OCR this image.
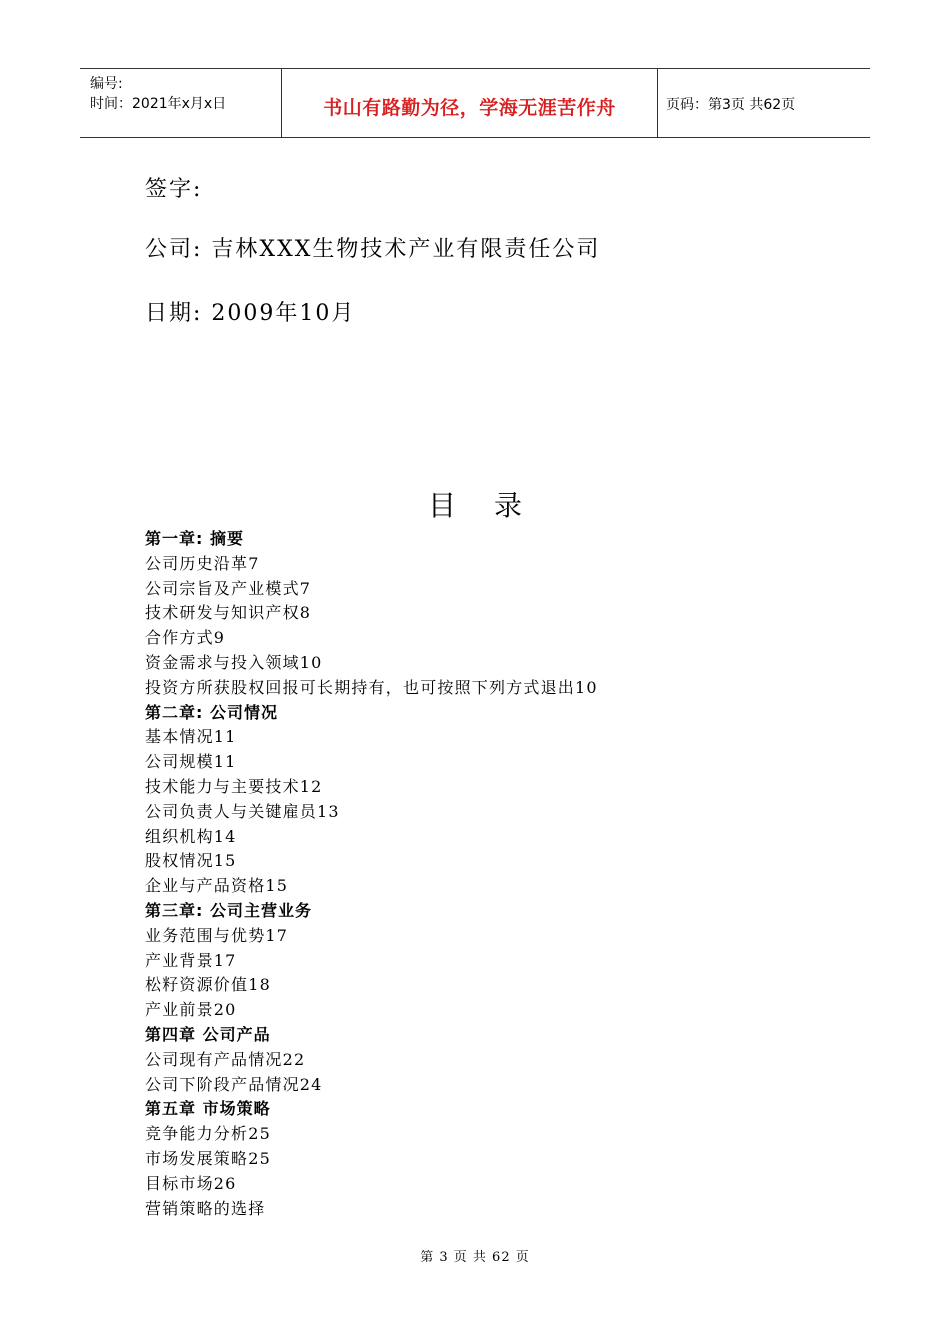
编号:
时间：2021年x月x日	书山有路勤为径，学海无涯苦作舟	页码：第3页 共62页
签字:
公司: 吉林XXX生物技术产业有限责任公司
日期: 2009年10月
目 录
第一章: 摘要
公司历史沿革7
公司宗旨及产业模式7
技术研发与知识产权8
合作方式9
资金需求与投入领域10
投资方所获股权回报可长期持有，也可按照下列方式退出10
第二章: 公司情况
基本情况11
公司规模11
技术能力与主要技术12
公司负责人与关键雇员13
组织机构14
股权情况15
企业与产品资格15
第三章: 公司主营业务
业务范围与优势17
产业背景17
松籽资源价值18
产业前景20
第四章 公司产品
公司现有产品情况22
公司下阶段产品情况24
第五章 市场策略
竞争能力分析25
市场发展策略25
目标市场26
营销策略的选择
第 3 页 共 62 页
